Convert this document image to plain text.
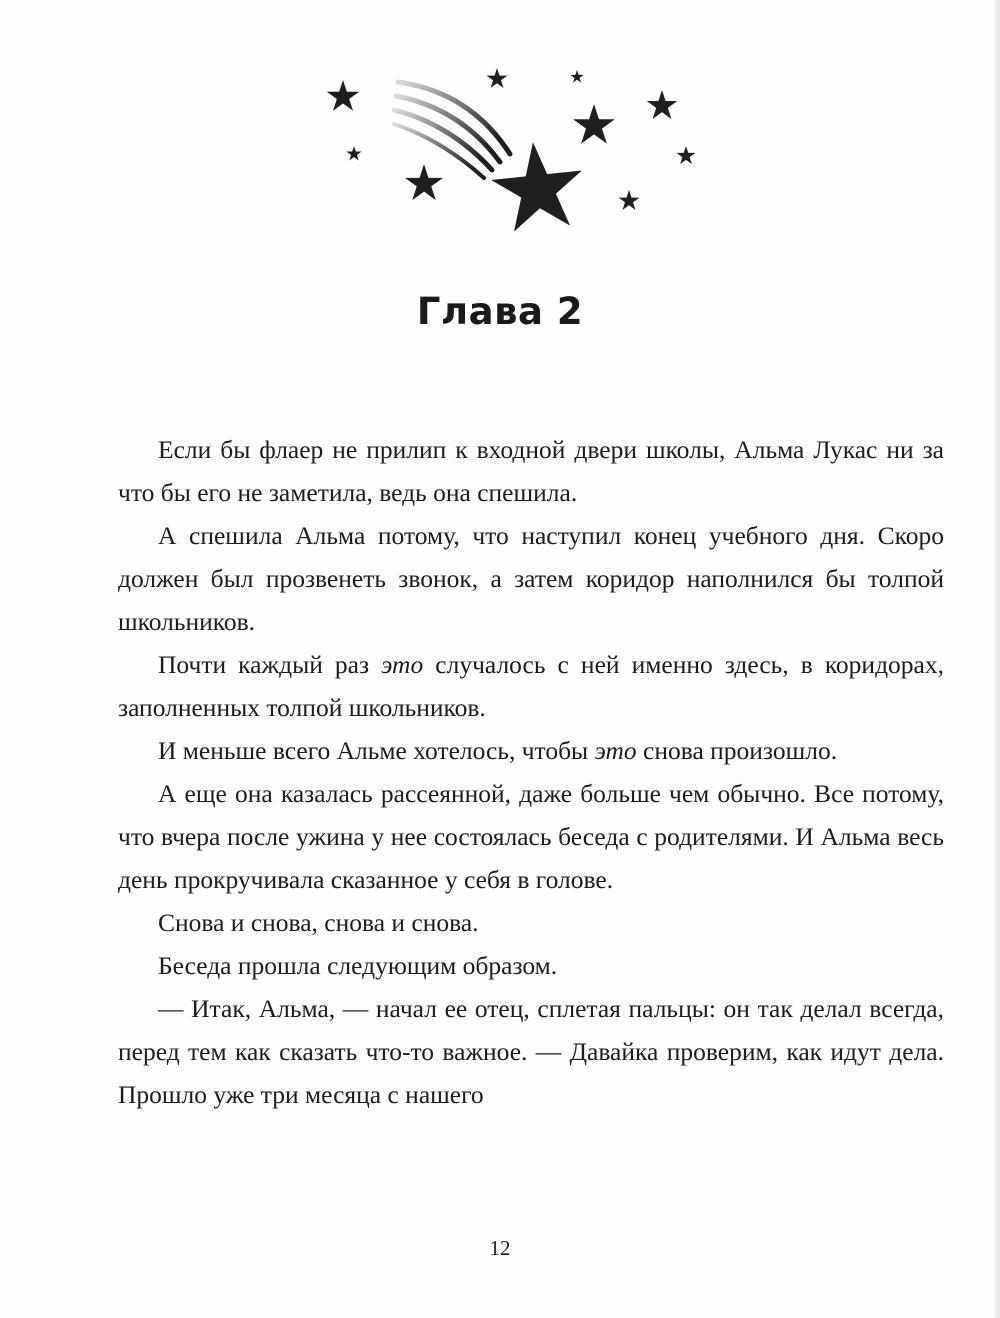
Глава 2

Если бы флаер не прилип к входной двери школы, Альма Лукас ни за что бы его не заметила, ведь она спешила.

А спешила Альма потому, что наступил конец учебного дня. Скоро должен был прозвенеть звонок, а затем коридор наполнился бы толпой школьников.

Почти каждый раз это случалось с ней именно здесь, в коридорах, заполненных толпой школьников.

И меньше всего Альме хотелось, чтобы это снова произошло.

А еще она казалась рассеянной, даже больше чем обычно. Все потому, что вчера после ужина у нее состоялась беседа с родителями. И Альма весь день прокручивала сказанное у себя в голове.

Снова и снова, снова и снова.

Беседа прошла следующим образом.

— Итак, Альма, — начал ее отец, сплетая пальцы: он так делал всегда, перед тем как сказать что-то важное. — Давайка проверим, как идут дела. Прошло уже три месяца с нашего

12
